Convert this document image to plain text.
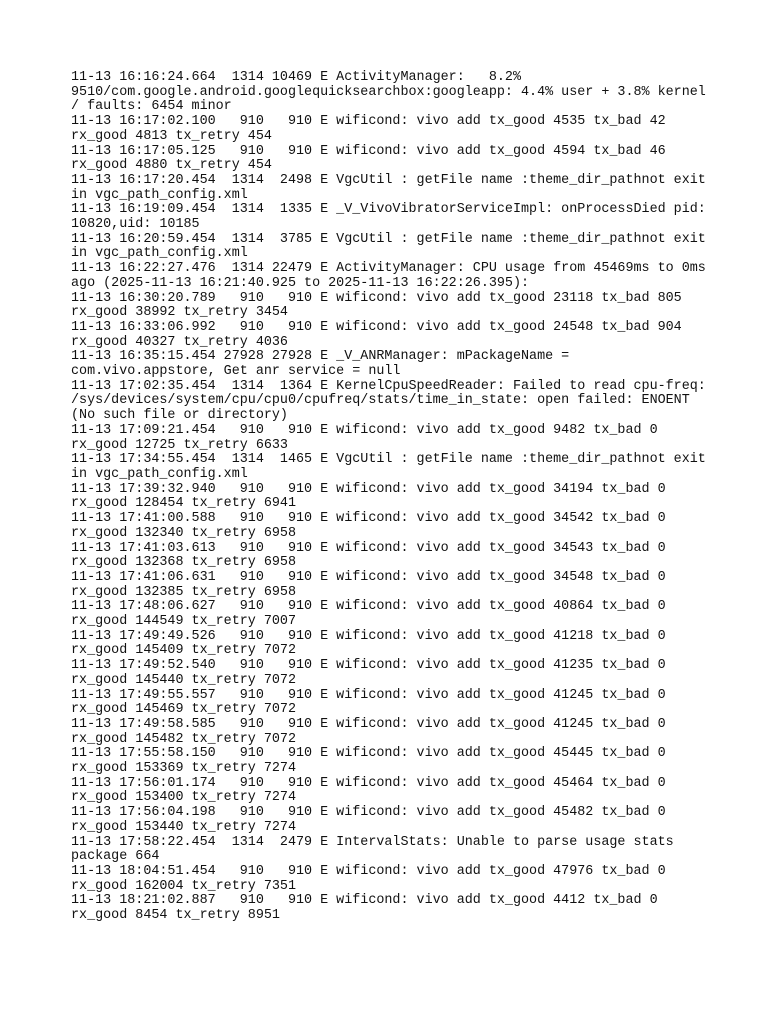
11-13 16:16:24.664  1314 10469 E ActivityManager:   8.2% 9510/com.google.android.googlequicksearchbox:googleapp: 4.4% user + 3.8% kernel / faults: 6454 minor
11-13 16:17:02.100   910   910 E wificond: vivo add tx_good 4535 tx_bad 42 rx_good 4813 tx_retry 454
11-13 16:17:05.125   910   910 E wificond: vivo add tx_good 4594 tx_bad 46 rx_good 4880 tx_retry 454
11-13 16:17:20.454  1314  2498 E VgcUtil : getFile name :theme_dir_pathnot exit in vgc_path_config.xml
11-13 16:19:09.454  1314  1335 E _V_VivoVibratorServiceImpl: onProcessDied pid: 10820,uid: 10185
11-13 16:20:59.454  1314  3785 E VgcUtil : getFile name :theme_dir_pathnot exit in vgc_path_config.xml
11-13 16:22:27.476  1314 22479 E ActivityManager: CPU usage from 45469ms to 0ms ago (2025-11-13 16:21:40.925 to 2025-11-13 16:22:26.395):
11-13 16:30:20.789   910   910 E wificond: vivo add tx_good 23118 tx_bad 805 rx_good 38992 tx_retry 3454
11-13 16:33:06.992   910   910 E wificond: vivo add tx_good 24548 tx_bad 904 rx_good 40327 tx_retry 4036
11-13 16:35:15.454 27928 27928 E _V_ANRManager: mPackageName = com.vivo.appstore, Get anr service = null
11-13 17:02:35.454  1314  1364 E KernelCpuSpeedReader: Failed to read cpu-freq: /sys/devices/system/cpu/cpu0/cpufreq/stats/time_in_state: open failed: ENOENT (No such file or directory)
11-13 17:09:21.454   910   910 E wificond: vivo add tx_good 9482 tx_bad 0 rx_good 12725 tx_retry 6633
11-13 17:34:55.454  1314  1465 E VgcUtil : getFile name :theme_dir_pathnot exit in vgc_path_config.xml
11-13 17:39:32.940   910   910 E wificond: vivo add tx_good 34194 tx_bad 0 rx_good 128454 tx_retry 6941
11-13 17:41:00.588   910   910 E wificond: vivo add tx_good 34542 tx_bad 0 rx_good 132340 tx_retry 6958
11-13 17:41:03.613   910   910 E wificond: vivo add tx_good 34543 tx_bad 0 rx_good 132368 tx_retry 6958
11-13 17:41:06.631   910   910 E wificond: vivo add tx_good 34548 tx_bad 0 rx_good 132385 tx_retry 6958
11-13 17:48:06.627   910   910 E wificond: vivo add tx_good 40864 tx_bad 0 rx_good 144549 tx_retry 7007
11-13 17:49:49.526   910   910 E wificond: vivo add tx_good 41218 tx_bad 0 rx_good 145409 tx_retry 7072
11-13 17:49:52.540   910   910 E wificond: vivo add tx_good 41235 tx_bad 0 rx_good 145440 tx_retry 7072
11-13 17:49:55.557   910   910 E wificond: vivo add tx_good 41245 tx_bad 0 rx_good 145469 tx_retry 7072
11-13 17:49:58.585   910   910 E wificond: vivo add tx_good 41245 tx_bad 0 rx_good 145482 tx_retry 7072
11-13 17:55:58.150   910   910 E wificond: vivo add tx_good 45445 tx_bad 0 rx_good 153369 tx_retry 7274
11-13 17:56:01.174   910   910 E wificond: vivo add tx_good 45464 tx_bad 0 rx_good 153400 tx_retry 7274
11-13 17:56:04.198   910   910 E wificond: vivo add tx_good 45482 tx_bad 0 rx_good 153440 tx_retry 7274
11-13 17:58:22.454  1314  2479 E IntervalStats: Unable to parse usage stats package 664
11-13 18:04:51.454   910   910 E wificond: vivo add tx_good 47976 tx_bad 0 rx_good 162004 tx_retry 7351
11-13 18:21:02.887   910   910 E wificond: vivo add tx_good 4412 tx_bad 0 rx_good 8454 tx_retry 8951
